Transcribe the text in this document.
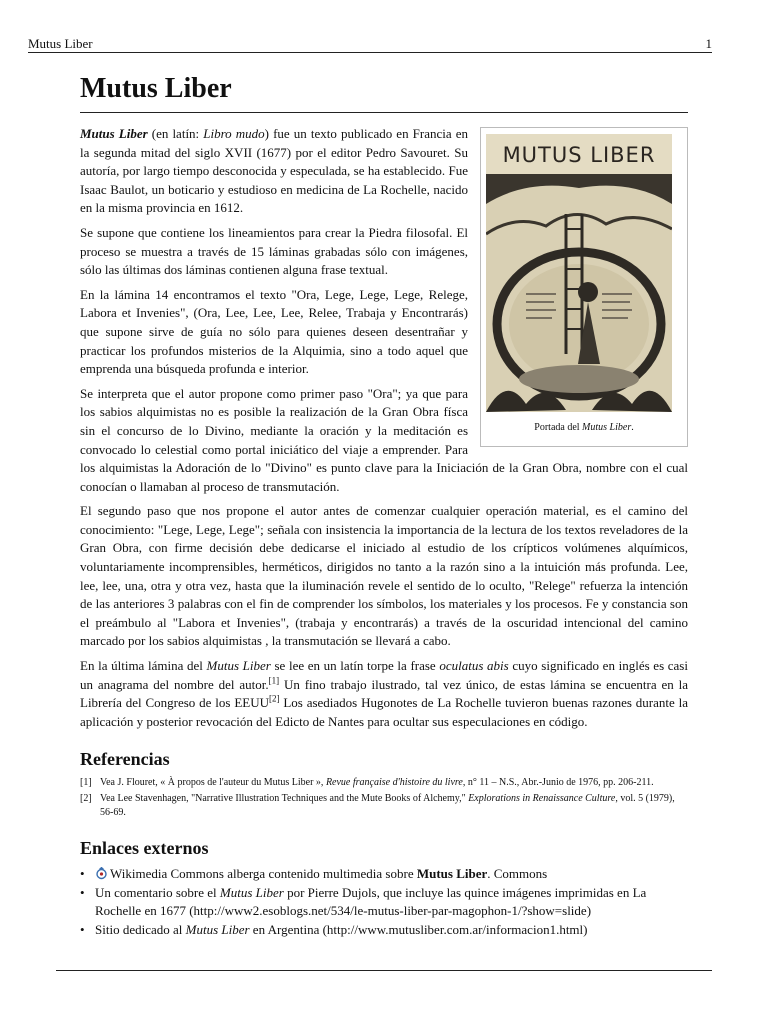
Mutus Liber	1
Mutus Liber
MUTUS LIBER
Portada del Mutus Liber.

Mutus Liber (en latín: Libro mudo) fue un texto publicado en Francia en la segunda mitad del siglo XVII (1677) por el editor Pedro Savouret. Su autoría, por largo tiempo desconocida y especulada, se ha establecido. Fue Isaac Baulot, un boticario y estudioso en medicina de La Rochelle, nacido en la misma provincia en 1612.

Se supone que contiene los lineamientos para crear la Piedra filosofal. El proceso se muestra a través de 15 láminas grabadas sólo con imágenes, sólo las últimas dos láminas contienen alguna frase textual.

En la lámina 14 encontramos el texto "Ora, Lege, Lege, Lege, Relege, Labora et Invenies", (Ora, Lee, Lee, Lee, Relee, Trabaja y Encontrarás) que supone sirve de guía no sólo para quienes deseen desentrañar y practicar los profundos misterios de la Alquimia, sino a todo aquel que emprenda una búsqueda profunda e interior.

Se interpreta que el autor propone como primer paso "Ora"; ya que para los sabios alquimistas no es posible la realización de la Gran Obra físca sin el concurso de lo Divino, mediante la oración y la meditación es convocado lo celestial como portal iniciático del viaje a emprender. Para los alquimistas la Adoración de lo "Divino" es punto clave para la Iniciación de la Gran Obra, nombre con el cual conocían o llamaban al proceso de transmutación.

El segundo paso que nos propone el autor antes de comenzar cualquier operación material, es el camino del conocimiento: "Lege, Lege, Lege"; señala con insistencia la importancia de la lectura de los textos reveladores de la Gran Obra, con firme decisión debe dedicarse el iniciado al estudio de los crípticos volúmenes alquímicos, voluntariamente incomprensibles, herméticos, dirigidos no tanto a la razón sino a la intuición más profunda. Lee, lee, lee, una, otra y otra vez, hasta que la iluminación revele el sentido de lo oculto, "Relege" refuerza la intención de las anteriores 3 palabras con el fin de comprender los símbolos, los materiales y los procesos. Fe y constancia son el preámbulo al "Labora et Invenies", (trabaja y encontrarás) a través de la oscuridad intencional del camino marcado por los sabios alquimistas , la transmutación se llevará a cabo.

En la última lámina del Mutus Liber se lee en un latín torpe la frase oculatus abis cuyo significado en inglés es casi un anagrama del nombre del autor.[1] Un fino trabajo ilustrado, tal vez único, de estas lámina se encuentra en la Librería del Congreso de los EEUU[2] Los asediados Hugonotes de La Rochelle tuvieron buenas razones durante la aplicación y posterior revocación del Edicto de Nantes para ocultar sus especulaciones en código.

Referencias
[1] Vea J. Flouret, « À propos de l'auteur du Mutus Liber », Revue française d'histoire du livre, n° 11 – N.S., Abr.-Junio de 1976, pp. 206-211.
[2] Vea Lee Stavenhagen, "Narrative Illustration Techniques and the Mute Books of Alchemy," Explorations in Renaissance Culture, vol. 5 (1979), 56-69.
Enlaces externos
•	Wikimedia Commons alberga contenido multimedia sobre Mutus Liber. Commons
• Un comentario sobre el Mutus Liber por Pierre Dujols, que incluye las quince imágenes imprimidas en La Rochelle en 1677 (http://www2.esoblogs.net/534/le-mutus-liber-par-magophon-1/?show=slide)
• Sitio dedicado al Mutus Liber en Argentina (http://www.mutusliber.com.ar/informacion1.html)
